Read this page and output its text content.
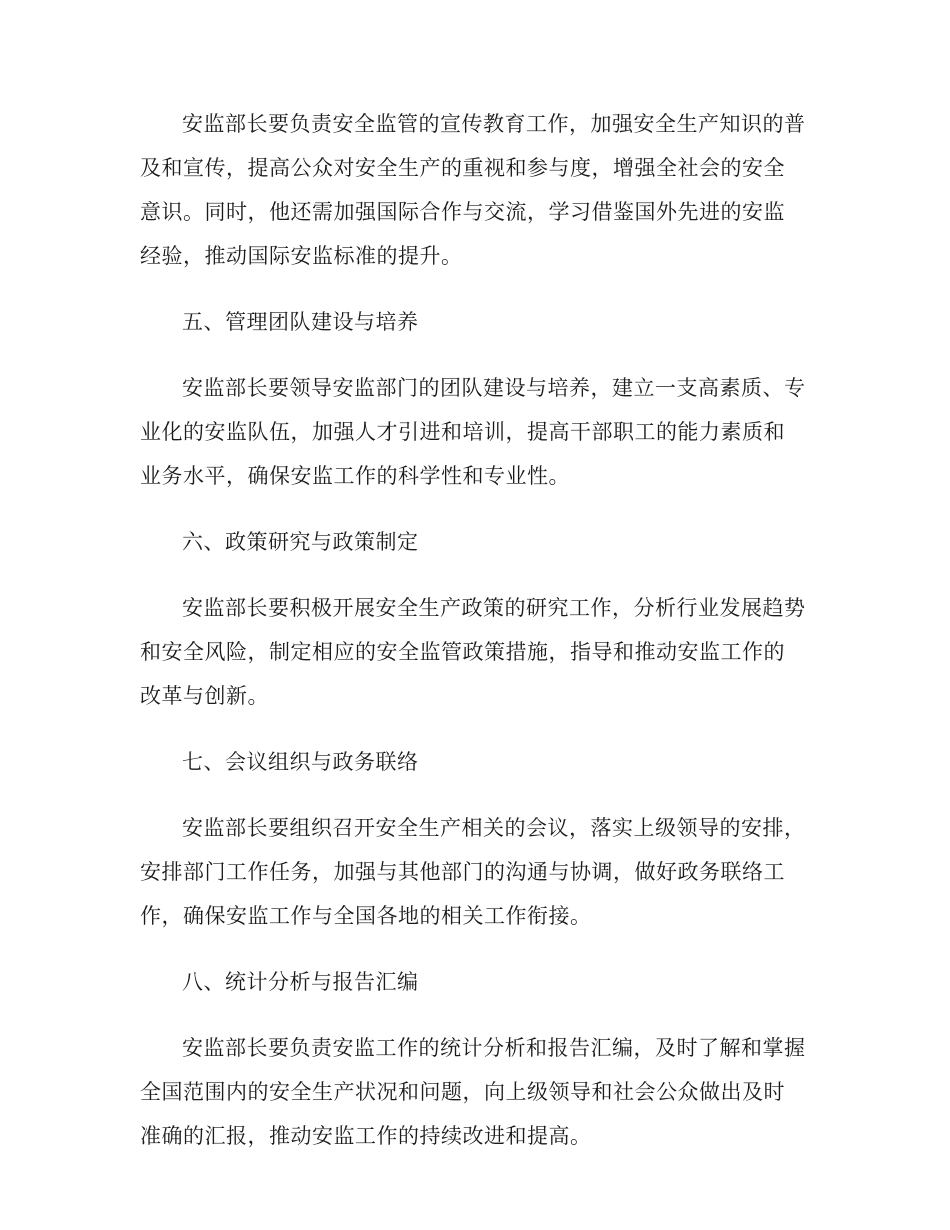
安监部长要负责安全监管的宣传教育工作，加强安全生产知识的普
及和宣传，提高公众对安全生产的重视和参与度，增强全社会的安全
意识。同时，他还需加强国际合作与交流，学习借鉴国外先进的安监
经验，推动国际安监标准的提升。

五、管理团队建设与培养

安监部长要领导安监部门的团队建设与培养，建立一支高素质、专
业化的安监队伍，加强人才引进和培训，提高干部职工的能力素质和
业务水平，确保安监工作的科学性和专业性。

六、政策研究与政策制定

安监部长要积极开展安全生产政策的研究工作，分析行业发展趋势
和安全风险，制定相应的安全监管政策措施，指导和推动安监工作的
改革与创新。

七、会议组织与政务联络

安监部长要组织召开安全生产相关的会议，落实上级领导的安排，
安排部门工作任务，加强与其他部门的沟通与协调，做好政务联络工
作，确保安监工作与全国各地的相关工作衔接。

八、统计分析与报告汇编

安监部长要负责安监工作的统计分析和报告汇编，及时了解和掌握
全国范围内的安全生产状况和问题，向上级领导和社会公众做出及时
准确的汇报，推动安监工作的持续改进和提高。
